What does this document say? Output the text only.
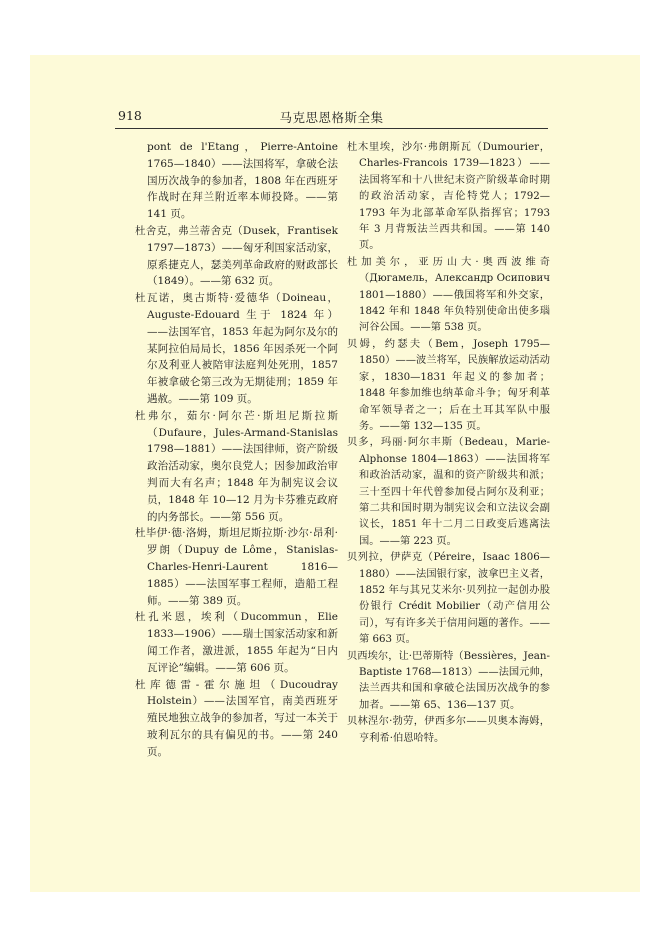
918	马克思恩格斯全集

pont de l'Etang，Pierre-Antoine 1765—1840）——法国将军，拿破仑法国历次战争的参加者，1808 年在西班牙作战时在拜兰附近率本师投降。——第 141 页。

杜舍克，弗兰蒂舍克（Dusek，Frantisek 1797—1873）——匈牙利国家活动家，原系捷克人，瑟美列革命政府的财政部长（1849）。——第 632 页。

杜瓦诺，奥古斯特·爱德华（Doineau，Auguste-Edouard 生于 1824 年）——法国军官，1853 年起为阿尔及尔的某阿拉伯局局长，1856 年因杀死一个阿尔及利亚人被陪审法庭判处死刑，1857 年被拿破仑第三改为无期徒刑；1859 年遇赦。——第 109 页。

杜弗尔，茹尔·阿尔芒·斯坦尼斯拉斯（Dufaure，Jules-Armand-Stanislas 1798—1881）——法国律师，资产阶级政治活动家，奥尔良党人；因参加政治审判而大有名声；1848 年为制宪议会议员，1848 年 10—12 月为卡芬雅克政府的内务部长。——第 556 页。

杜毕伊·德·洛姆，斯坦尼斯拉斯·沙尔·昂利·罗朗（Dupuy de Lôme，Stanislas-Charles-Henri-Laurent 1816—1885）——法国军事工程师，造船工程师。——第 389 页。

杜孔米恩，埃利（Ducommun，Elie 1833—1906）——瑞士国家活动家和新闻工作者，激进派，1855 年起为“日内瓦评论”编辑。——第 606 页。

杜库德雷-霍尔施坦（Ducoudray Holstein）——法国军官，南美西班牙殖民地独立战争的参加者，写过一本关于玻利瓦尔的具有偏见的书。——第 240 页。

杜木里埃，沙尔·弗朗斯瓦（Dumourier，Charles-Francois 1739—1823）——法国将军和十八世纪末资产阶级革命时期的政治活动家，吉伦特党人；1792—1793 年为北部革命军队指挥官；1793 年 3 月背叛法兰西共和国。——第 140 页。

杜加美尔，亚历山大·奥西波维奇（Дюгамель，Александр Осипович 1801—1880）——俄国将军和外交家，1842 年和 1848 年负特别使命出使多瑙河谷公国。——第 538 页。

贝姆，约瑟夫（Bem，Joseph 1795—1850）——波兰将军，民族解放运动活动家，1830—1831 年起义的参加者；1848 年参加维也纳革命斗争；匈牙利革命军领导者之一；后在土耳其军队中服务。——第 132—135 页。

贝多，玛丽·阿尔丰斯（Bedeau，Marie-Alphonse 1804—1863）——法国将军和政治活动家，温和的资产阶级共和派；三十至四十年代曾参加侵占阿尔及利亚；第二共和国时期为制宪议会和立法议会副议长，1851 年十二月二日政变后逃离法国。——第 223 页。

贝列拉，伊萨克（Péreire，Isaac 1806—1880）——法国银行家，波拿巴主义者，1852 年与其兄艾米尔·贝列拉一起创办股份银行 Crédit Mobilier（动产信用公司），写有许多关于信用问题的著作。——第 663 页。

贝西埃尔，让·巴蒂斯特（Bessières，Jean-Baptiste 1768—1813）——法国元帅，法兰西共和国和拿破仑法国历次战争的参加者。——第 65、136—137 页。

贝林涅尔·勃劳，伊西多尔——贝奥本海姆，亨利希·伯恩哈特。
